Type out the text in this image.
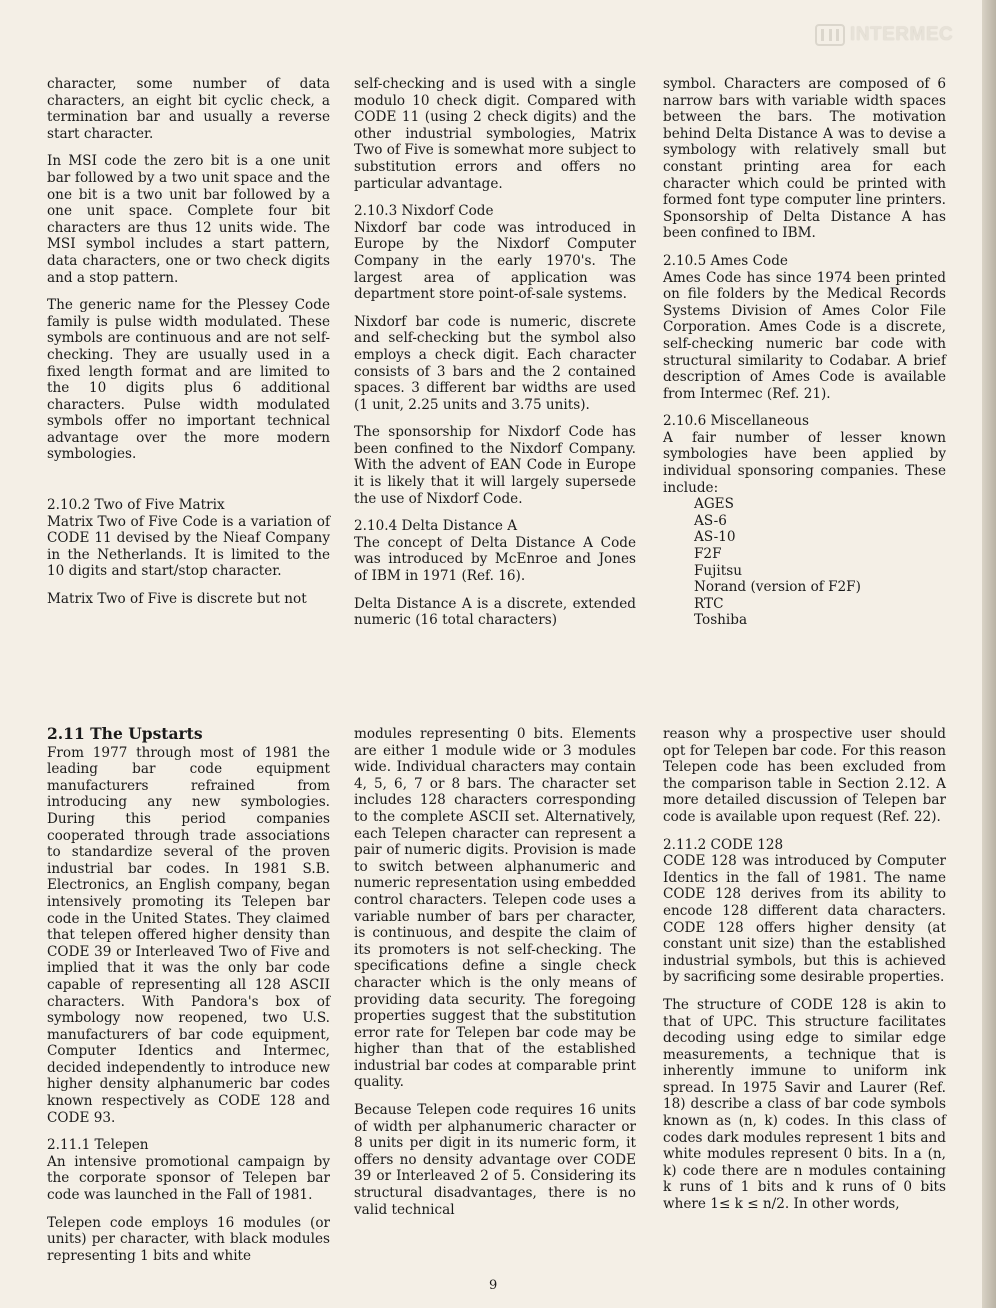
INTERMEC

character, some number of data characters, an eight bit cyclic check, a termination bar and usually a reverse start character.

In MSI code the zero bit is a one unit bar followed by a two unit space and the one bit is a two unit bar followed by a one unit space. Complete four bit characters are thus 12 units wide. The MSI symbol includes a start pattern, data characters, one or two check digits and a stop pattern.

The generic name for the Plessey Code family is pulse width modulated. These symbols are continuous and are not self-checking. They are usually used in a fixed length format and are limited to the 10 digits plus 6 additional characters. Pulse width modulated symbols offer no important technical advantage over the more modern symbologies.

2.10.2 Two of Five Matrix

Matrix Two of Five Code is a variation of CODE 11 devised by the Nieaf Company in the Netherlands. It is limited to the 10 digits and start/stop character.

Matrix Two of Five is discrete but not

self-checking and is used with a single modulo 10 check digit. Compared with CODE 11 (using 2 check digits) and the other industrial symbologies, Matrix Two of Five is somewhat more subject to substitution errors and offers no particular advantage.

2.10.3 Nixdorf Code

Nixdorf bar code was introduced in Europe by the Nixdorf Computer Company in the early 1970's. The largest area of application was department store point-of-sale systems.

Nixdorf bar code is numeric, discrete and self-checking but the symbol also employs a check digit. Each character consists of 3 bars and the 2 contained spaces. 3 different bar widths are used (1 unit, 2.25 units and 3.75 units).

The sponsorship for Nixdorf Code has been confined to the Nixdorf Company. With the advent of EAN Code in Europe it is likely that it will largely supersede the use of Nixdorf Code.

2.10.4 Delta Distance A

The concept of Delta Distance A Code was introduced by McEnroe and Jones of IBM in 1971 (Ref. 16).

Delta Distance A is a discrete, extended numeric (16 total characters)

symbol. Characters are composed of 6 narrow bars with variable width spaces between the bars. The motivation behind Delta Distance A was to devise a symbology with relatively small but constant printing area for each character which could be printed with formed font type computer line printers. Sponsorship of Delta Distance A has been confined to IBM.

2.10.5 Ames Code

Ames Code has since 1974 been printed on file folders by the Medical Records Systems Division of Ames Color File Corporation. Ames Code is a discrete, self-checking numeric bar code with structural similarity to Codabar. A brief description of Ames Code is available from Intermec (Ref. 21).

2.10.6 Miscellaneous

A fair number of lesser known symbologies have been applied by individual sponsoring companies. These include:

AGES
AS-6
AS-10
F2F
Fujitsu
Norand (version of F2F)
RTC
Toshiba
2.11 The Upstarts

From 1977 through most of 1981 the leading bar code equipment manufacturers refrained from introducing any new symbologies. During this period companies cooperated through trade associations to standardize several of the proven industrial bar codes. In 1981 S.B. Electronics, an English company, began intensively promoting its Telepen bar code in the United States. They claimed that telepen offered higher density than CODE 39 or Interleaved Two of Five and implied that it was the only bar code capable of representing all 128 ASCII characters. With Pandora's box of symbology now reopened, two U.S. manufacturers of bar code equipment, Computer Identics and Intermec, decided independently to introduce new higher density alphanumeric bar codes known respectively as CODE 128 and CODE 93.

2.11.1 Telepen

An intensive promotional campaign by the corporate sponsor of Telepen bar code was launched in the Fall of 1981.

Telepen code employs 16 modules (or units) per character, with black modules representing 1 bits and white

modules representing 0 bits. Elements are either 1 module wide or 3 modules wide. Individual characters may contain 4, 5, 6, 7 or 8 bars. The character set includes 128 characters corresponding to the complete ASCII set. Alternatively, each Telepen character can represent a pair of numeric digits. Provision is made to switch between alphanumeric and numeric representation using embedded control characters. Telepen code uses a variable number of bars per character, is continuous, and despite the claim of its promoters is not self-checking. The specifications define a single check character which is the only means of providing data security. The foregoing properties suggest that the substitution error rate for Telepen bar code may be higher than that of the established industrial bar codes at comparable print quality.

Because Telepen code requires 16 units of width per alphanumeric character or 8 units per digit in its numeric form, it offers no density advantage over CODE 39 or Interleaved 2 of 5. Considering its structural disadvantages, there is no valid technical

reason why a prospective user should opt for Telepen bar code. For this reason Telepen code has been excluded from the comparison table in Section 2.12. A more detailed discussion of Telepen bar code is available upon request (Ref. 22).

2.11.2 CODE 128

CODE 128 was introduced by Computer Identics in the fall of 1981. The name CODE 128 derives from its ability to encode 128 different data characters. CODE 128 offers higher density (at constant unit size) than the established industrial symbols, but this is achieved by sacrificing some desirable properties.

The structure of CODE 128 is akin to that of UPC. This structure facilitates decoding using edge to similar edge measurements, a technique that is inherently immune to uniform ink spread. In 1975 Savir and Laurer (Ref. 18) describe a class of bar code symbols known as (n, k) codes. In this class of codes dark modules represent 1 bits and white modules represent 0 bits. In a (n, k) code there are n modules containing k runs of 1 bits and k runs of 0 bits where 1≤ k ≤ n/2. In other words,

9
